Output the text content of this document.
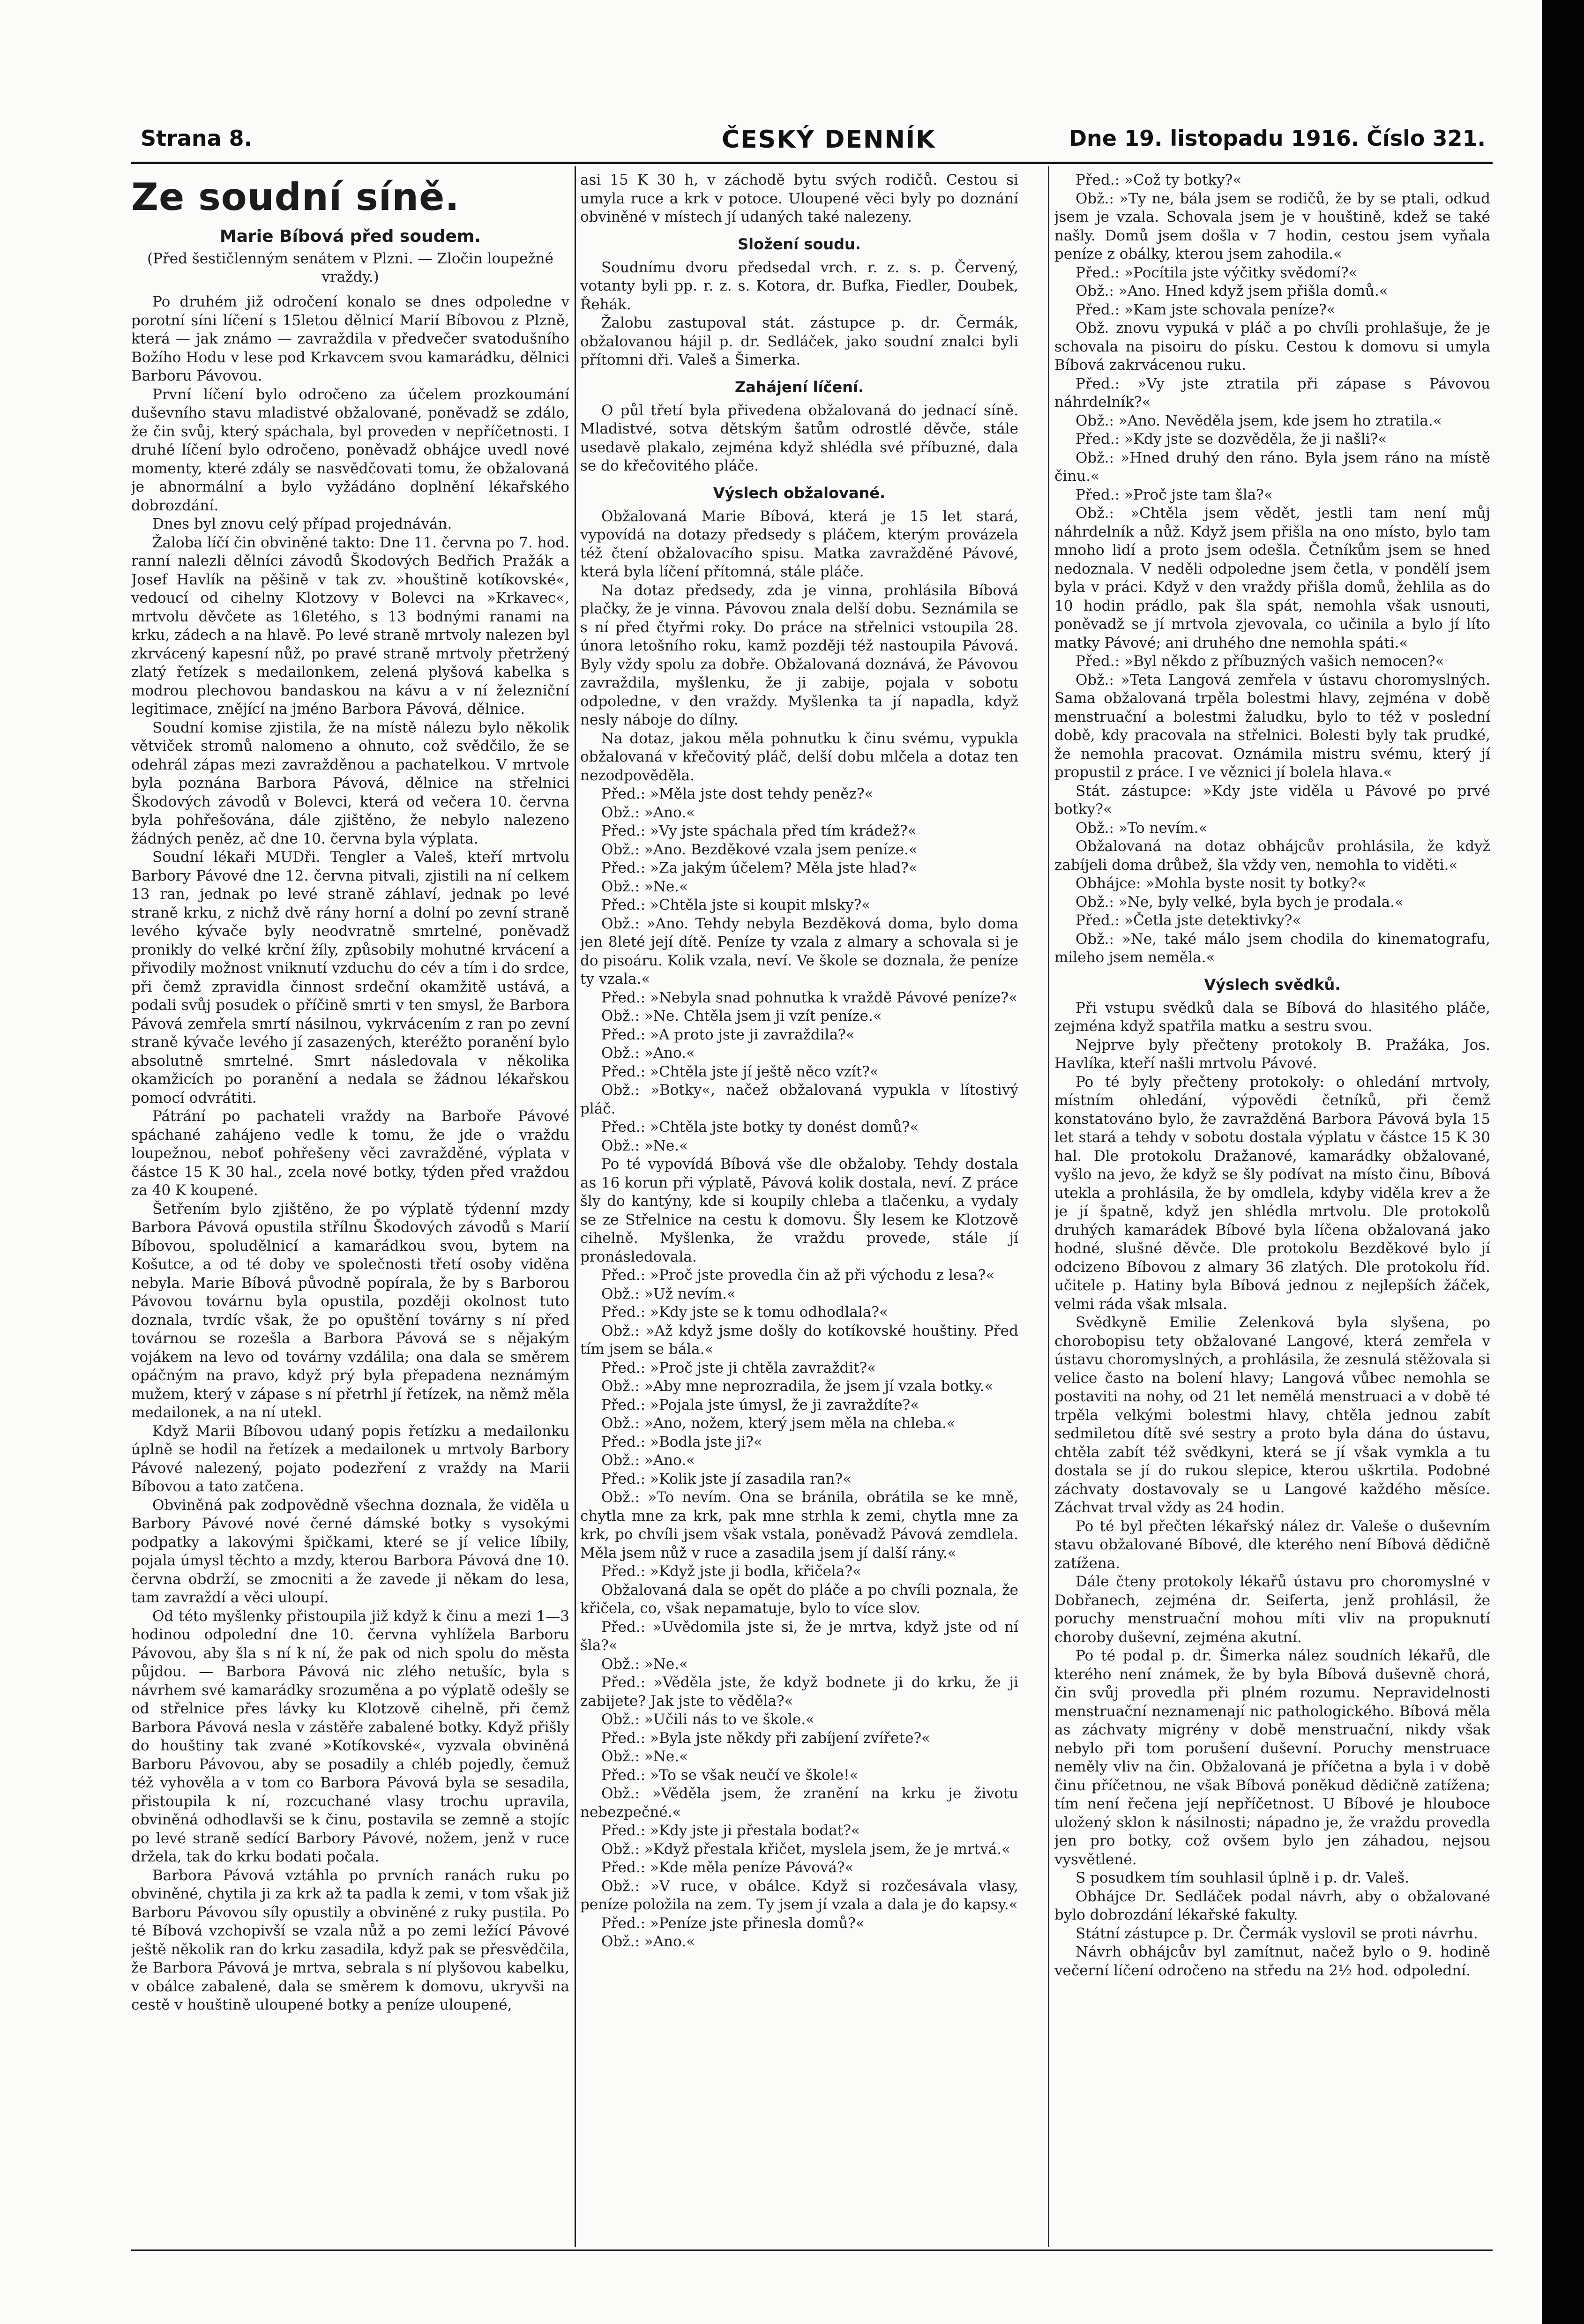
Strana 8.	ČESKÝ DENNÍK	Dne 19. listopadu 1916. Číslo 321.
Ze soudní síně.
Marie Bíbová před soudem.
(Před šestičlenným senátem v Plzni. — Zločin loupežné vraždy.)

Po druhém již odročení konalo se dnes odpoledne v porotní síni líčení s 15letou dělnicí Marií Bíbovou z Plzně, která — jak známo — zavraždila v předvečer svatodušního Božího Hodu v lese pod Krkavcem svou kamarádku, dělnici Barboru Pávovou.

První líčení bylo odročeno za účelem prozkoumání duševního stavu mladistvé obžalované, poněvadž se zdálo, že čin svůj, který spáchala, byl proveden v nepříčetnosti. I druhé líčení bylo odročeno, poněvadž obhájce uvedl nové momenty, které zdály se nasvědčovati tomu, že obžalovaná je abnormální a bylo vyžádáno doplnění lékařského dobrozdání.

Dnes byl znovu celý případ projednáván.

Žaloba líčí čin obviněné takto: Dne 11. června po 7. hod. ranní nalezli dělníci závodů Škodových Bedřich Pražák a Josef Havlík na pěšině v tak zv. »houštině kotíkovské«, vedoucí od cihelny Klotzovy v Bolevci na »Krkavec«, mrtvolu děvčete as 16letého, s 13 bodnými ranami na krku, zádech a na hlavě. Po levé straně mrtvoly nalezen byl zkrvácený kapesní nůž, po pravé straně mrtvoly přetržený zlatý řetízek s medailonkem, zelená plyšová kabelka s modrou plechovou bandaskou na kávu a v ní železniční legitimace, znějící na jméno Barbora Pávová, dělnice.

Soudní komise zjistila, že na místě nálezu bylo několik větviček stromů nalomeno a ohnuto, což svědčilo, že se odehrál zápas mezi zavražděnou a pachatelkou. V mrtvole byla poznána Barbora Pávová, dělnice na střelnici Škodových závodů v Bolevci, která od večera 10. června byla pohřešována, dále zjištěno, že nebylo nalezeno žádných peněz, ač dne 10. června byla výplata.

Soudní lékaři MUDři. Tengler a Valeš, kteří mrtvolu Barbory Pávové dne 12. června pitvali, zjistili na ní celkem 13 ran, jednak po levé straně záhlaví, jednak po levé straně krku, z nichž dvě rány horní a dolní po zevní straně levého kývače byly neodvratně smrtelné, poněvadž pronikly do velké krční žíly, způsobily mohutné krvácení a přivodily možnost vniknutí vzduchu do cév a tím i do srdce, při čemž zpravidla činnost srdeční okamžitě ustává, a podali svůj posudek o příčině smrti v ten smysl, že Barbora Pávová zemřela smrtí násilnou, vykrvácením z ran po zevní straně kývače levého jí zasazených, kteréžto poranění bylo absolutně smrtelné. Smrt následovala v několika okamžicích po poranění a nedala se žádnou lékařskou pomocí odvrátiti.

Pátrání po pachateli vraždy na Barboře Pávové spáchané zahájeno vedle k tomu, že jde o vraždu loupežnou, neboť pohřešeny věci zavražděné, výplata v částce 15 K 30 hal., zcela nové botky, týden před vraždou za 40 K koupené.

Šetřením bylo zjištěno, že po výplatě týdenní mzdy Barbora Pávová opustila střílnu Škodových závodů s Marií Bíbovou, spoludělnicí a kamarádkou svou, bytem na Košutce, a od té doby ve společnosti třetí osoby viděna nebyla. Marie Bíbová původně popírala, že by s Barborou Pávovou továrnu byla opustila, později okolnost tuto doznala, tvrdíc však, že po opuštění továrny s ní před továrnou se rozešla a Barbora Pávová se s nějakým vojákem na levo od továrny vzdálila; ona dala se směrem opáčným na pravo, když prý byla přepadena neznámým mužem, který v zápase s ní přetrhl jí řetízek, na němž měla medailonek, a na ní utekl.

Když Marii Bíbovou udaný popis řetízku a medailonku úplně se hodil na řetízek a medailonek u mrtvoly Barbory Pávové nalezený, pojato podezření z vraždy na Marii Bíbovou a tato zatčena.

Obviněná pak zodpovědně všechna doznala, že viděla u Barbory Pávové nové černé dámské botky s vysokými podpatky a lakovými špičkami, které se jí velice líbily, pojala úmysl těchto a mzdy, kterou Barbora Pávová dne 10. června obdrží, se zmocniti a že zavede ji někam do lesa, tam zavraždí a věci uloupí.

Od této myšlenky přistoupila již když k činu a mezi 1—3 hodinou odpolední dne 10. června vyhlížela Barboru Pávovou, aby šla s ní k ní, že pak od nich spolu do města půjdou. — Barbora Pávová nic zlého netušíc, byla s návrhem své kamarádky srozuměna a po výplatě odešly se od střelnice přes lávky ku Klotzově cihelně, při čemž Barbora Pávová nesla v zástěře zabalené botky. Když přišly do houštiny tak zvané »Kotíkovské«, vyzvala obviněná Barboru Pávovou, aby se posadily a chléb pojedly, čemuž též vyhověla a v tom co Barbora Pávová byla se sesadila, přistoupila k ní, rozcuchané vlasy trochu upravila, obviněná odhodlavši se k činu, postavila se zemně a stojíc po levé straně sedící Barbory Pávové, nožem, jenž v ruce držela, tak do krku bodati počala.

Barbora Pávová vztáhla po prvních ranách ruku po obviněné, chytila ji za krk až ta padla k zemi, v tom však již Barboru Pávovou síly opustily a obviněné z ruky pustila. Po té Bíbová vzchopivší se vzala nůž a po zemi ležící Pávové ještě několik ran do krku zasadila, když pak se přesvědčila, že Barbora Pávová je mrtva, sebrala s ní plyšovou kabelku, v obálce zabalené, dala se směrem k domovu, ukryvši na cestě v houštině uloupené botky a peníze uloupené,

asi 15 K 30 h, v záchodě bytu svých rodičů. Cestou si umyla ruce a krk v potoce. Uloupené věci byly po doznání obviněné v místech jí udaných také nalezeny.

Složení soudu.

Soudnímu dvoru předsedal vrch. r. z. s. p. Červený, votanty byli pp. r. z. s. Kotora, dr. Bufka, Fiedler, Doubek, Řehák.

Žalobu zastupoval stát. zástupce p. dr. Čermák, obžalovanou hájil p. dr. Sedláček, jako soudní znalci byli přítomni dři. Valeš a Šimerka.

Zahájení líčení.

O půl třetí byla přivedena obžalovaná do jednací síně. Mladistvé, sotva dětským šatům odrostlé děvče, stále usedavě plakalo, zejména když shlédla své příbuzné, dala se do křečovitého pláče.

Výslech obžalované.

Obžalovaná Marie Bíbová, která je 15 let stará, vypovídá na dotazy předsedy s pláčem, kterým provázela též čtení obžalovacího spisu. Matka zavražděné Pávové, která byla líčení přítomná, stále pláče.

Na dotaz předsedy, zda je vinna, prohlásila Bíbová plačky, že je vinna. Pávovou znala delší dobu. Seznámila se s ní před čtyřmi roky. Do práce na střelnici vstoupila 28. února letošního roku, kamž později též nastoupila Pávová. Byly vždy spolu za dobře. Obžalovaná doznává, že Pávovou zavraždila, myšlenku, že ji zabije, pojala v sobotu odpoledne, v den vraždy. Myšlenka ta jí napadla, když nesly náboje do dílny.

Na dotaz, jakou měla pohnutku k činu svému, vypukla obžalovaná v křečovitý pláč, delší dobu mlčela a dotaz ten nezodpověděla.

Před.: »Měla jste dost tehdy peněz?«

Obž.: »Ano.«

Před.: »Vy jste spáchala před tím krádež?«

Obž.: »Ano. Bezděkové vzala jsem peníze.«

Před.: »Za jakým účelem? Měla jste hlad?«

Obž.: »Ne.«

Před.: »Chtěla jste si koupit mlsky?«

Obž.: »Ano. Tehdy nebyla Bezděková doma, bylo doma jen 8leté její dítě. Peníze ty vzala z almary a schovala si je do pisoáru. Kolik vzala, neví. Ve škole se doznala, že peníze ty vzala.«

Před.: »Nebyla snad pohnutka k vraždě Pávové peníze?«

Obž.: »Ne. Chtěla jsem ji vzít peníze.«

Před.: »A proto jste ji zavraždila?«

Obž.: »Ano.«

Před.: »Chtěla jste jí ještě něco vzít?«

Obž.: »Botky«, načež obžalovaná vypukla v lítostivý pláč.

Před.: »Chtěla jste botky ty donést domů?«

Obž.: »Ne.«

Po té vypovídá Bíbová vše dle obžaloby. Tehdy dostala as 16 korun při výplatě, Pávová kolik dostala, neví. Z práce šly do kantýny, kde si koupily chleba a tlačenku, a vydaly se ze Střelnice na cestu k domovu. Šly lesem ke Klotzově cihelně. Myšlenka, že vraždu provede, stále jí pronásledovala.

Před.: »Proč jste provedla čin až při východu z lesa?«

Obž.: »Už nevím.«

Před.: »Kdy jste se k tomu odhodlala?«

Obž.: »Až když jsme došly do kotíkovské houštiny. Před tím jsem se bála.«

Před.: »Proč jste ji chtěla zavraždit?«

Obž.: »Aby mne neprozradila, že jsem jí vzala botky.«

Před.: »Pojala jste úmysl, že ji zavraždíte?«

Obž.: »Ano, nožem, který jsem měla na chleba.«

Před.: »Bodla jste ji?«

Obž.: »Ano.«

Před.: »Kolik jste jí zasadila ran?«

Obž.: »To nevím. Ona se bránila, obrátila se ke mně, chytla mne za krk, pak mne strhla k zemi, chytla mne za krk, po chvíli jsem však vstala, poněvadž Pávová zemdlela. Měla jsem nůž v ruce a zasadila jsem jí další rány.«

Před.: »Když jste ji bodla, křičela?«

Obžalovaná dala se opět do pláče a po chvíli poznala, že křičela, co, však nepamatuje, bylo to více slov.

Před.: »Uvědomila jste si, že je mrtva, když jste od ní šla?«

Obž.: »Ne.«

Před.: »Věděla jste, že když bodnete ji do krku, že ji zabijete? Jak jste to věděla?«

Obž.: »Učili nás to ve škole.«

Před.: »Byla jste někdy při zabíjení zvířete?«

Obž.: »Ne.«

Před.: »To se však neučí ve škole!«

Obž.: »Věděla jsem, že zranění na krku je životu nebezpečné.«

Před.: »Kdy jste ji přestala bodat?«

Obž.: »Když přestala křičet, myslela jsem, že je mrtvá.«

Před.: »Kde měla peníze Pávová?«

Obž.: »V ruce, v obálce. Když si rozčesávala vlasy, peníze položila na zem. Ty jsem jí vzala a dala je do kapsy.«

Před.: »Peníze jste přinesla domů?«

Obž.: »Ano.«

Před.: »Což ty botky?«

Obž.: »Ty ne, bála jsem se rodičů, že by se ptali, odkud jsem je vzala. Schovala jsem je v houštině, kdež se také našly. Domů jsem došla v 7 hodin, cestou jsem vyňala peníze z obálky, kterou jsem zahodila.«

Před.: »Pocítila jste výčitky svědomí?«

Obž.: »Ano. Hned když jsem přišla domů.«

Před.: »Kam jste schovala peníze?«

Obž. znovu vypuká v pláč a po chvíli prohlašuje, že je schovala na pisoiru do písku. Cestou k domovu si umyla Bíbová zakrvácenou ruku.

Před.: »Vy jste ztratila při zápase s Pávovou náhrdelník?«

Obž.: »Ano. Nevěděla jsem, kde jsem ho ztratila.«

Před.: »Kdy jste se dozvěděla, že ji našli?«

Obž.: »Hned druhý den ráno. Byla jsem ráno na místě činu.«

Před.: »Proč jste tam šla?«

Obž.: »Chtěla jsem vědět, jestli tam není můj náhrdelník a nůž. Když jsem přišla na ono místo, bylo tam mnoho lidí a proto jsem odešla. Četníkům jsem se hned nedoznala. V neděli odpoledne jsem četla, v pondělí jsem byla v práci. Když v den vraždy přišla domů, žehlila as do 10 hodin prádlo, pak šla spát, nemohla však usnouti, poněvadž se jí mrtvola zjevovala, co učinila a bylo jí líto matky Pávové; ani druhého dne nemohla spáti.«

Před.: »Byl někdo z příbuzných vašich nemocen?«

Obž.: »Teta Langová zemřela v ústavu choromyslných. Sama obžalovaná trpěla bolestmi hlavy, zejména v době menstruační a bolestmi žaludku, bylo to též v poslední době, kdy pracovala na střelnici. Bolesti byly tak prudké, že nemohla pracovat. Oznámila mistru svému, který jí propustil z práce. I ve věznici jí bolela hlava.«

Stát. zástupce: »Kdy jste viděla u Pávové po prvé botky?«

Obž.: »To nevím.«

Obžalovaná na dotaz obhájcův prohlásila, že když zabíjeli doma drůbež, šla vždy ven, nemohla to viděti.«

Obhájce: »Mohla byste nosit ty botky?«

Obž.: »Ne, byly velké, byla bych je prodala.«

Před.: »Četla jste detektivky?«

Obž.: »Ne, také málo jsem chodila do kinematografu, mileho jsem neměla.«

Výslech svědků.

Při vstupu svědků dala se Bíbová do hlasitého pláče, zejména když spatřila matku a sestru svou.

Nejprve byly přečteny protokoly B. Pražáka, Jos. Havlíka, kteří našli mrtvolu Pávové.

Po té byly přečteny protokoly: o ohledání mrtvoly, místním ohledání, výpovědi četníků, při čemž konstatováno bylo, že zavražděná Barbora Pávová byla 15 let stará a tehdy v sobotu dostala výplatu v částce 15 K 30 hal. Dle protokolu Dražanové, kamarádky obžalované, vyšlo na jevo, že když se šly podívat na místo činu, Bíbová utekla a prohlásila, že by omdlela, kdyby viděla krev a že je jí špatně, když jen shlédla mrtvolu. Dle protokolů druhých kamarádek Bíbové byla líčena obžalovaná jako hodné, slušné děvče. Dle protokolu Bezděkové bylo jí odcizeno Bíbovou z almary 36 zlatých. Dle protokolu říd. učitele p. Hatiny byla Bíbová jednou z nejlepších žáček, velmi ráda však mlsala.

Svědkyně Emilie Zelenková byla slyšena, po chorobopisu tety obžalované Langové, která zemřela v ústavu choromyslných, a prohlásila, že zesnulá stěžovala si velice často na bolení hlavy; Langová vůbec nemohla se postaviti na nohy, od 21 let nemělá menstruaci a v době té trpěla velkými bolestmi hlavy, chtěla jednou zabít sedmiletou dítě své sestry a proto byla dána do ústavu, chtěla zabít též svědkyni, která se jí však vymkla a tu dostala se jí do rukou slepice, kterou uškrtila. Podobné záchvaty dostavovaly se u Langové každého měsíce. Záchvat trval vždy as 24 hodin.

Po té byl přečten lékařský nález dr. Valeše o duševním stavu obžalované Bíbové, dle kterého není Bíbová dědičně zatížena.

Dále čteny protokoly lékařů ústavu pro choromyslné v Dobřanech, zejména dr. Seiferta, jenž prohlásil, že poruchy menstruační mohou míti vliv na propuknutí choroby duševní, zejména akutní.

Po té podal p. dr. Šimerka nález soudních lékařů, dle kterého není známek, že by byla Bíbová duševně chorá, čin svůj provedla při plném rozumu. Nepravidelnosti menstruační neznamenají nic pathologického. Bíbová měla as záchvaty migrény v době menstruační, nikdy však nebylo při tom porušení duševní. Poruchy menstruace neměly vliv na čin. Obžalovaná je příčetna a byla i v době činu příčetnou, ne však Bíbová poněkud dědičně zatížena; tím není řečena její nepříčetnost. U Bíbové je hlouboce uložený sklon k násilnosti; nápadno je, že vraždu provedla jen pro botky, což ovšem bylo jen záhadou, nejsou vysvětlené.

S posudkem tím souhlasil úplně i p. dr. Valeš.

Obhájce Dr. Sedláček podal návrh, aby o obžalované bylo dobrozdání lékařské fakulty.

Státní zástupce p. Dr. Čermák vyslovil se proti návrhu.

Návrh obhájcův byl zamítnut, načež bylo o 9. hodině večerní líčení odročeno na středu na 2½ hod. odpolední.
